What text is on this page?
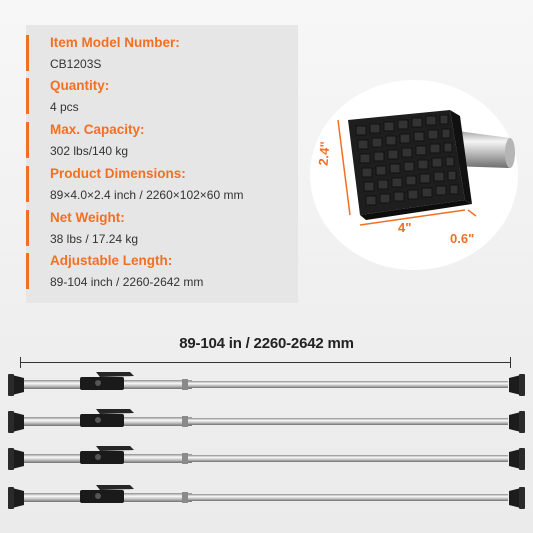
Item Model Number:
CB1203S
Quantity:
4 pcs
Max. Capacity:
302 lbs/140 kg
Product Dimensions:
89×4.0×2.4 inch / 2260×102×60 mm
Net Weight:
38 lbs / 17.24 kg
Adjustable Length:
89-104 inch / 2260-2642 mm
2.4"
4"
0.6"
89-104 in / 2260-2642 mm
